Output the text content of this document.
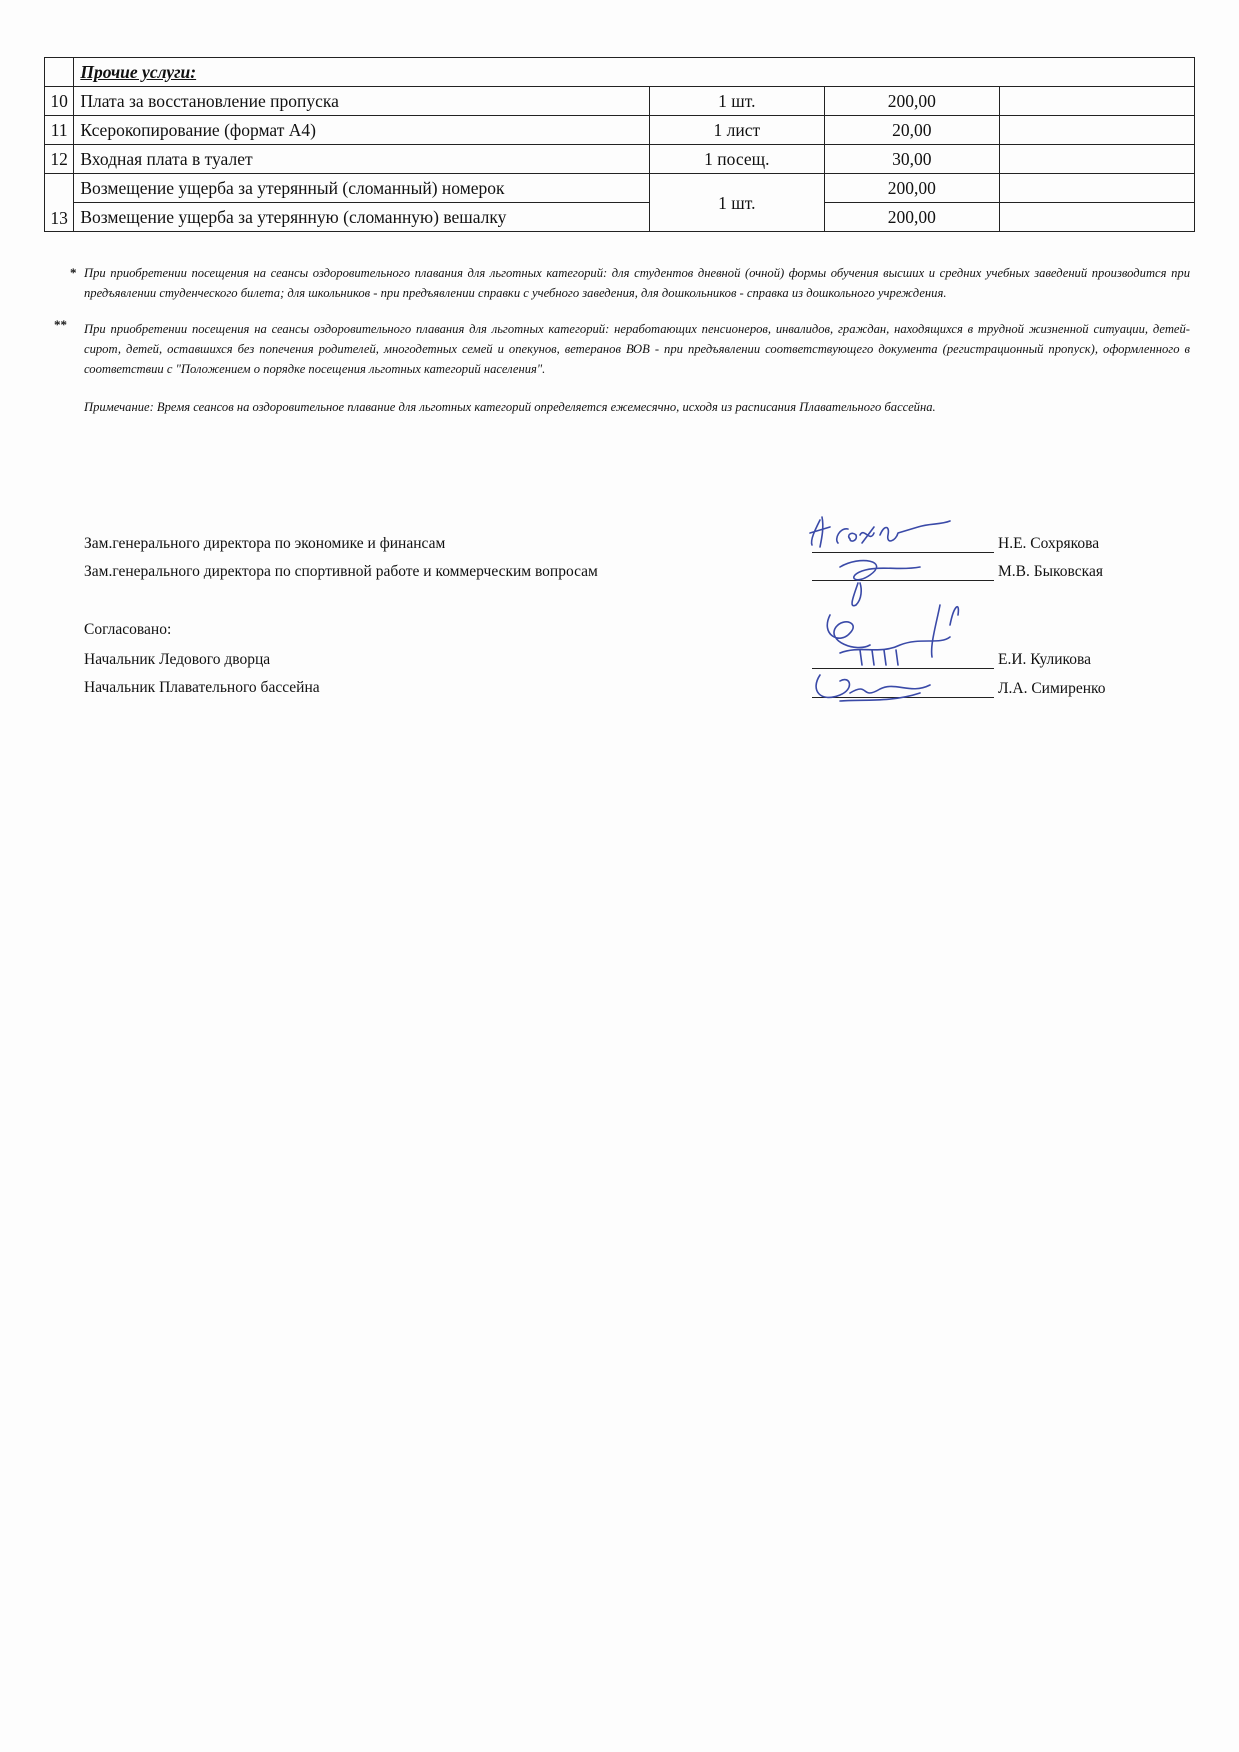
	Прочие услуги:			
10	Плата за восстановление пропуска	1 шт.	200,00	
11	Ксерокопирование (формат А4)	1 лист	20,00	
12	Входная плата в туалет	1 посещ.	30,00	
13	Возмещение ущерба за утерянный (сломанный) номерок	1 шт.	200,00	
	Возмещение ущерба за утерянную (сломанную) вешалку		200,00	
* При приобретении посещения на сеансы оздоровительного плавания для льготных категорий: для студентов дневной (очной) формы обучения высших и средних учебных заведений производится при предъявлении студенческого билета; для школьников - при предъявлении справки с учебного заведения, для дошкольников - справка из дошкольного учреждения.
** При приобретении посещения на сеансы оздоровительного плавания для льготных категорий: неработающих пенсионеров, инвалидов, граждан, находящихся в трудной жизненной ситуации, детей-сирот, детей, оставшихся без попечения родителей, многодетных семей и опекунов, ветеранов ВОВ - при предъявлении соответствующего документа (регистрационный пропуск), оформленного в соответствии с "Положением о порядке посещения льготных категорий населения".
Примечание: Время сеансов на оздоровительное плавание для льготных категорий определяется ежемесячно, исходя из расписания Плавательного бассейна.
Зам.генерального директора по экономике и финансам	Н.Е. Сохрякова
Зам.генерального директора по спортивной работе и коммерческим вопросам	М.В. Быковская
Согласовано:
Начальник Ледового дворца	Е.И. Куликова
Начальник Плавательного бассейна	Л.А. Симиренко
